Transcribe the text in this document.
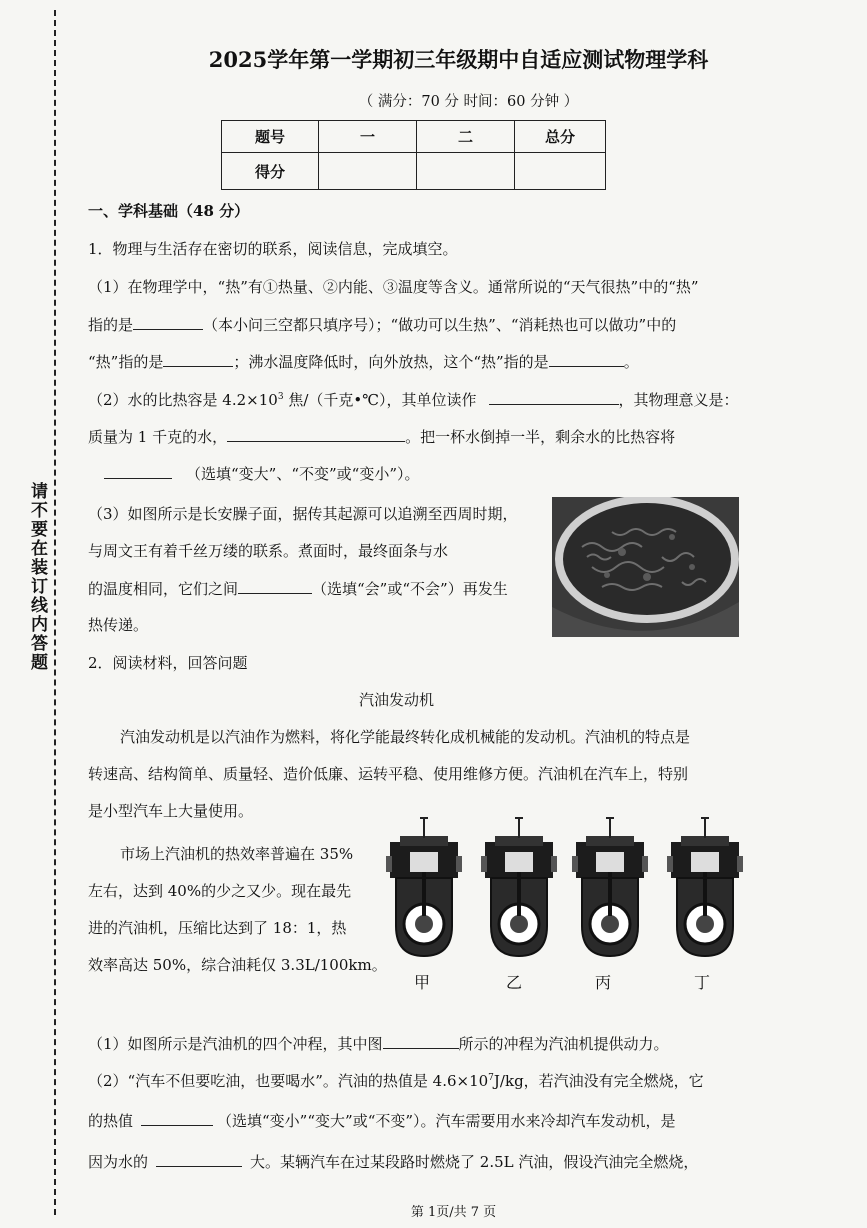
请不要在装订线内答题
2025学年第一学期初三年级期中自适应测试物理学科
（ 满分：70 分 时间：60 分钟 ）
题号	一	二	总分
得分			
一、学科基础（48 分）
1．物理与生活存在密切的联系，阅读信息，完成填空。
（1）在物理学中，“热”有①热量、②内能、③温度等含义。通常所说的“天气很热”中的“热”
指的是	（本小问三空都只填序号）；“做功可以生热”、“消耗热也可以做功”中的
“热”指的是	；沸水温度降低时，向外放热，这个“热”指的是	。
（2）水的比热容是 $4.2\times 10^3$ 焦/（千克•℃），其单位读作	，其物理意义是：
质量为 1 千克的水，	。把一杯水倒掉一半，剩余水的比热容将
（选填“变大”、“不变”或“变小”）。
（3）如图所示是长安臊子面，据传其起源可以追溯至西周时期，
与周文王有着千丝万缕的联系。煮面时，最终面条与水
的温度相同，它们之间	（选填“会”或“不会”）再发生
热传递。
2．阅读材料，回答问题
汽油发动机
汽油发动机是以汽油作为燃料，将化学能最终转化成机械能的发动机。汽油机的特点是
转速高、结构简单、质量轻、造价低廉、运转平稳、使用维修方便。汽油机在汽车上，特别
是小型汽车上大量使用。
市场上汽油机的热效率普遍在 35%
左右，达到 40%的少之又少。现在最先
进的汽油机，压缩比达到了 18：1，热
效率高达 50%，综合油耗仅 3.3L/100km。
甲	乙	丙	丁
（1）如图所示是汽油机的四个冲程，其中图	所示的冲程为汽油机提供动力。
（2）“汽车不但要吃油，也要喝水”。汽油的热值是 $4.6\times 10^7J/kg$，若汽油没有完全燃烧，它
的热值	（选填“变小”“变大”或“不变”）。汽车需要用水来冷却汽车发动机，是
因为水的	大。某辆汽车在过某段路时燃烧了 2.5L 汽油，假设汽油完全燃烧，
第 1页/共 7 页
